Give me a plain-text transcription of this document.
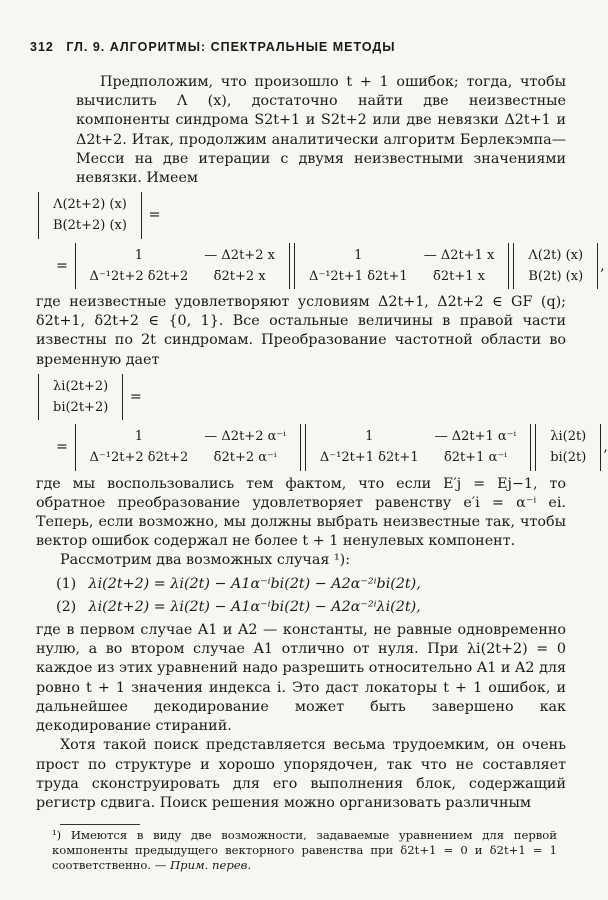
312 ГЛ. 9. АЛГОРИТМЫ: СПЕКТРАЛЬНЫЕ МЕТОДЫ

Предположим, что произошло t + 1 ошибок; тогда, чтобы вычислить Λ (x), достаточно найти две неизвестные компоненты синдрома S2t+1 и S2t+2 или две невязки Δ2t+1 и Δ2t+2. Итак, продолжим аналитически алгоритм Берлекэмпа—Месси на две итерации с двумя неизвестными значениями невязки. Имеем

Λ(2t+2) (x)
B(2t+2) (x)
=
=
1	— Δ2t+2 x
Δ⁻¹2t+2 δ2t+2	δ̄2t+2 x
1	— Δ2t+1 x
Δ⁻¹2t+1 δ2t+1	δ̄2t+1 x
Λ(2t) (x)
B(2t) (x)
,

где неизвестные удовлетворяют условиям Δ2t+1, Δ2t+2 ∈ GF (q); δ2t+1, δ2t+2 ∈ {0, 1}. Все остальные величины в правой части известны по 2t синдромам. Преобразование частотной области во временную дает

λi(2t+2)
bi(2t+2)
=
=
1	— Δ2t+2 α⁻ⁱ
Δ⁻¹2t+2 δ2t+2	δ̄2t+2 α⁻ⁱ
1	— Δ2t+1 α⁻ⁱ
Δ⁻¹2t+1 δ2t+1	δ̄2t+1 α⁻ⁱ
λi(2t)
bi(2t)
,

где мы воспользовались тем фактом, что если E′j = Ej−1, то обратное преобразование удовлетворяет равенству e′i = α⁻ⁱ ei. Теперь, если возможно, мы должны выбрать неизвестные так, чтобы вектор ошибок содержал не более t + 1 ненулевых компонент.

Рассмотрим два возможных случая ¹):

(1) λi(2t+2) = λi(2t) − A1α⁻ⁱbi(2t) − A2α⁻²ⁱbi(2t),
(2) λi(2t+2) = λi(2t) − A1α⁻ⁱbi(2t) − A2α⁻²ⁱλi(2t),

где в первом случае A1 и A2 — константы, не равные одновременно нулю, а во втором случае A1 отлично от нуля. При λi(2t+2) = 0 каждое из этих уравнений надо разрешить относительно A1 и A2 для ровно t + 1 значения индекса i. Это даст локаторы t + 1 ошибок, и дальнейшее декодирование может быть завершено как декодирование стираний.

Хотя такой поиск представляется весьма трудоемким, он очень прост по структуре и хорошо упорядочен, так что не составляет труда сконструировать для его выполнения блок, содержащий регистр сдвига. Поиск решения можно организовать различным

¹) Имеются в виду две возможности, задаваемые уравнением для первой компоненты предыдущего векторного равенства при δ2t+1 = 0 и δ2t+1 = 1 соответственно. — Прим. перев.
